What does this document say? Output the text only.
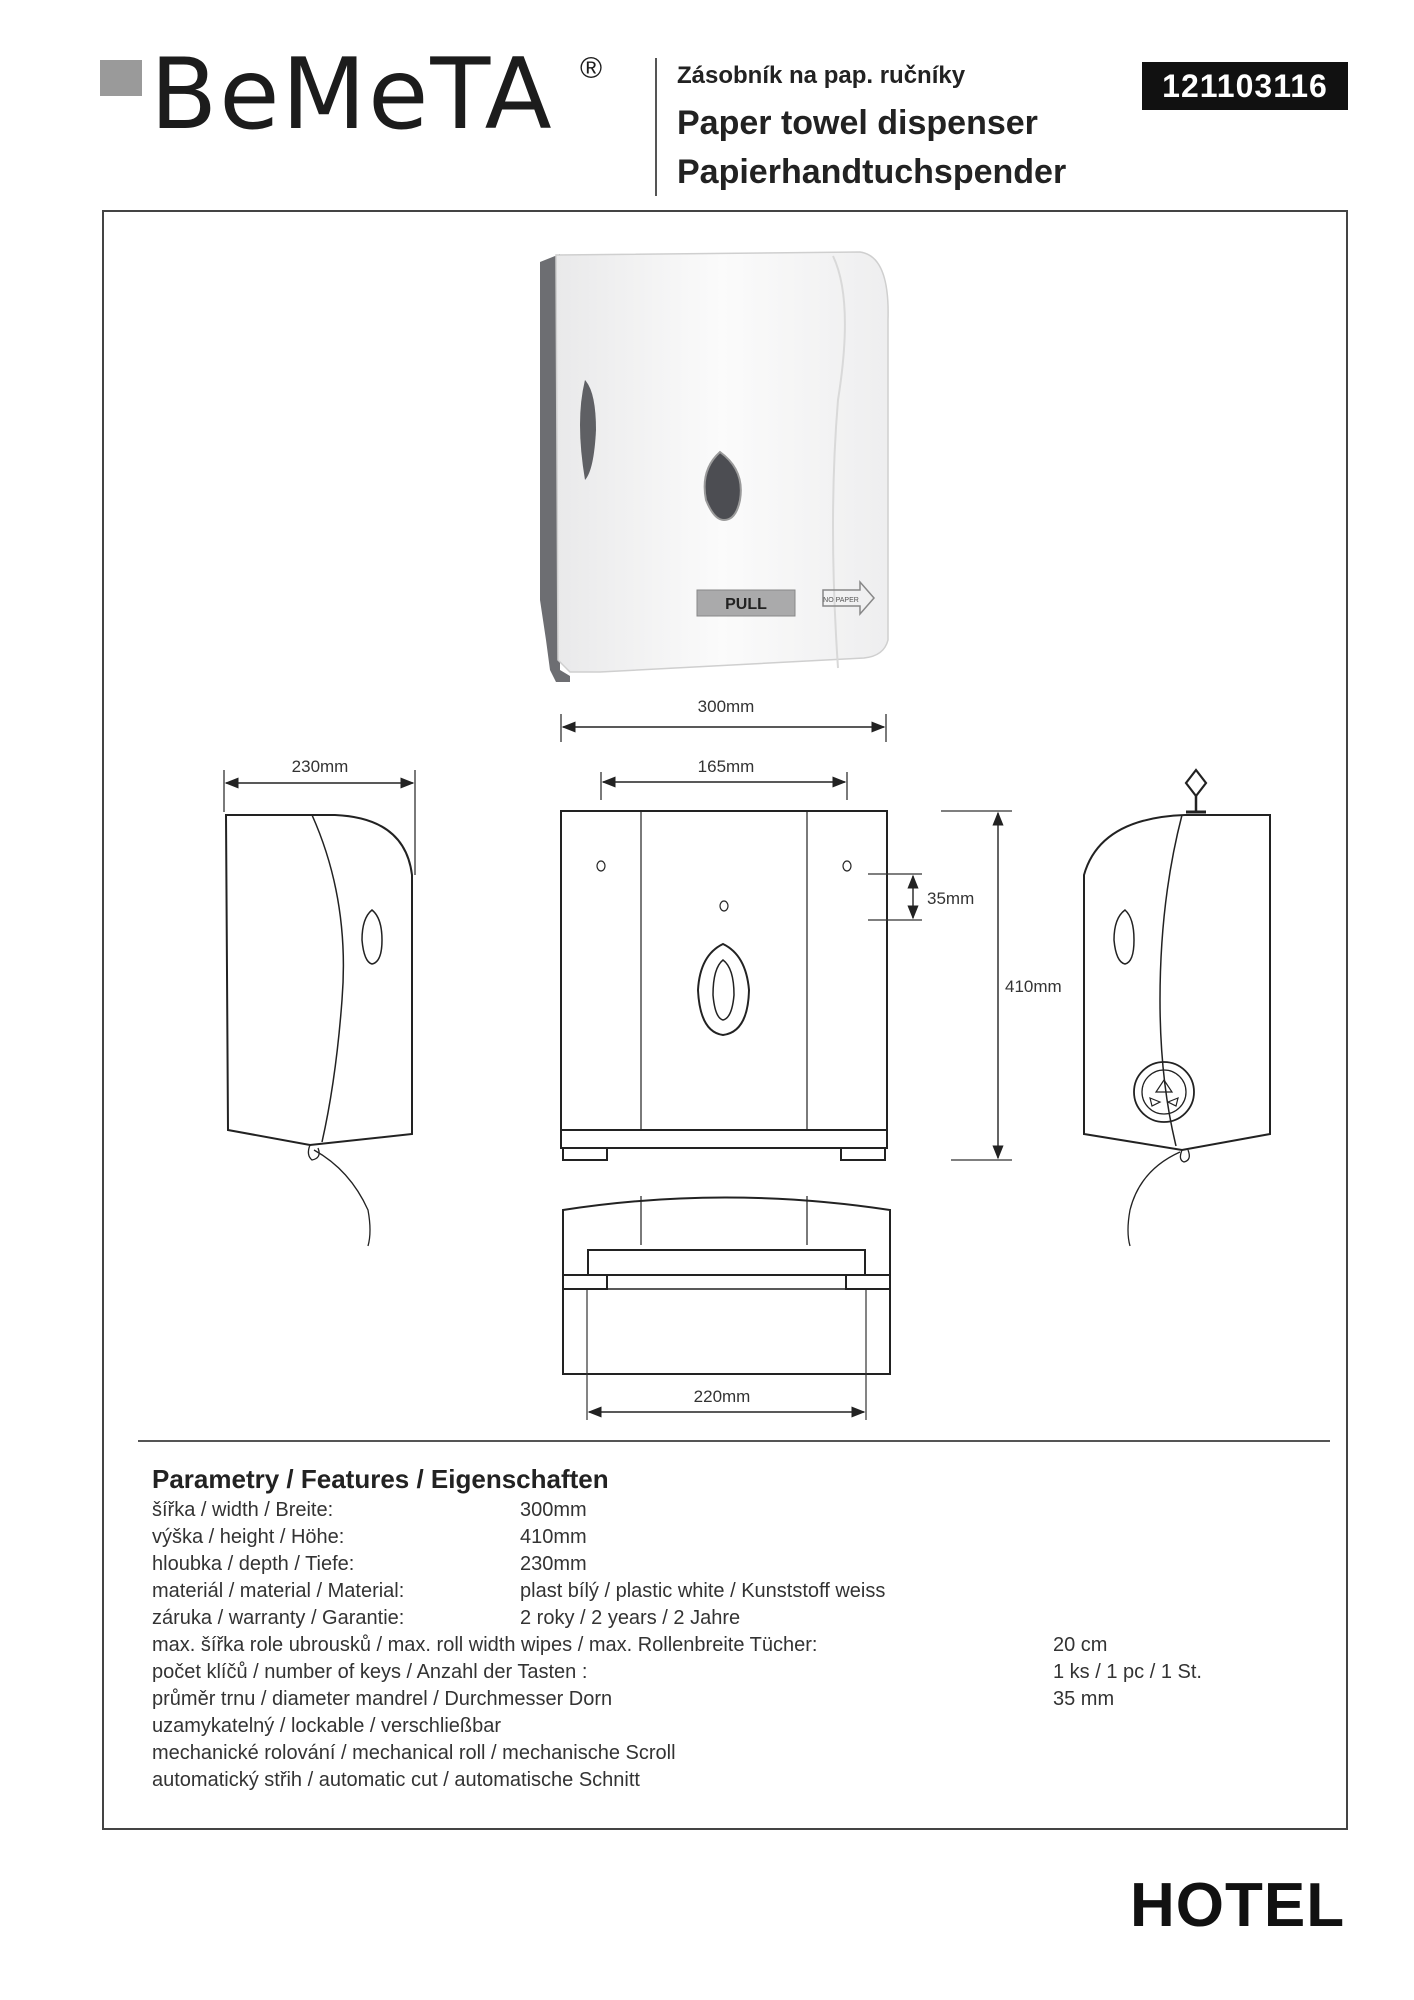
BeMeTA ®	Zásobník na pap. ručníky
Paper towel dispenser
Papierhandtuchspender
121103116
PULL	NO PAPER
300mm
165mm
35mm
410mm
230mm
220mm
Parametry / Features / Eigenschaften
šířka / width / Breite:	300mm
výška / height / Höhe:	410mm
hloubka / depth / Tiefe:	230mm
materiál / material / Material:	plast bílý / plastic white / Kunststoff weiss
záruka / warranty / Garantie:	2 roky / 2 years / 2 Jahre
max. šířka role ubrousků / max. roll width wipes / max. Rollenbreite Tücher:	20 cm
počet klíčů / number of keys / Anzahl der Tasten :	1 ks / 1 pc / 1 St.
průměr trnu / diameter mandrel / Durchmesser Dorn	35 mm
uzamykatelný / lockable / verschließbar
mechanické rolování / mechanical roll / mechanische Scroll
automatický střih / automatic cut / automatische Schnitt
HOTEL
